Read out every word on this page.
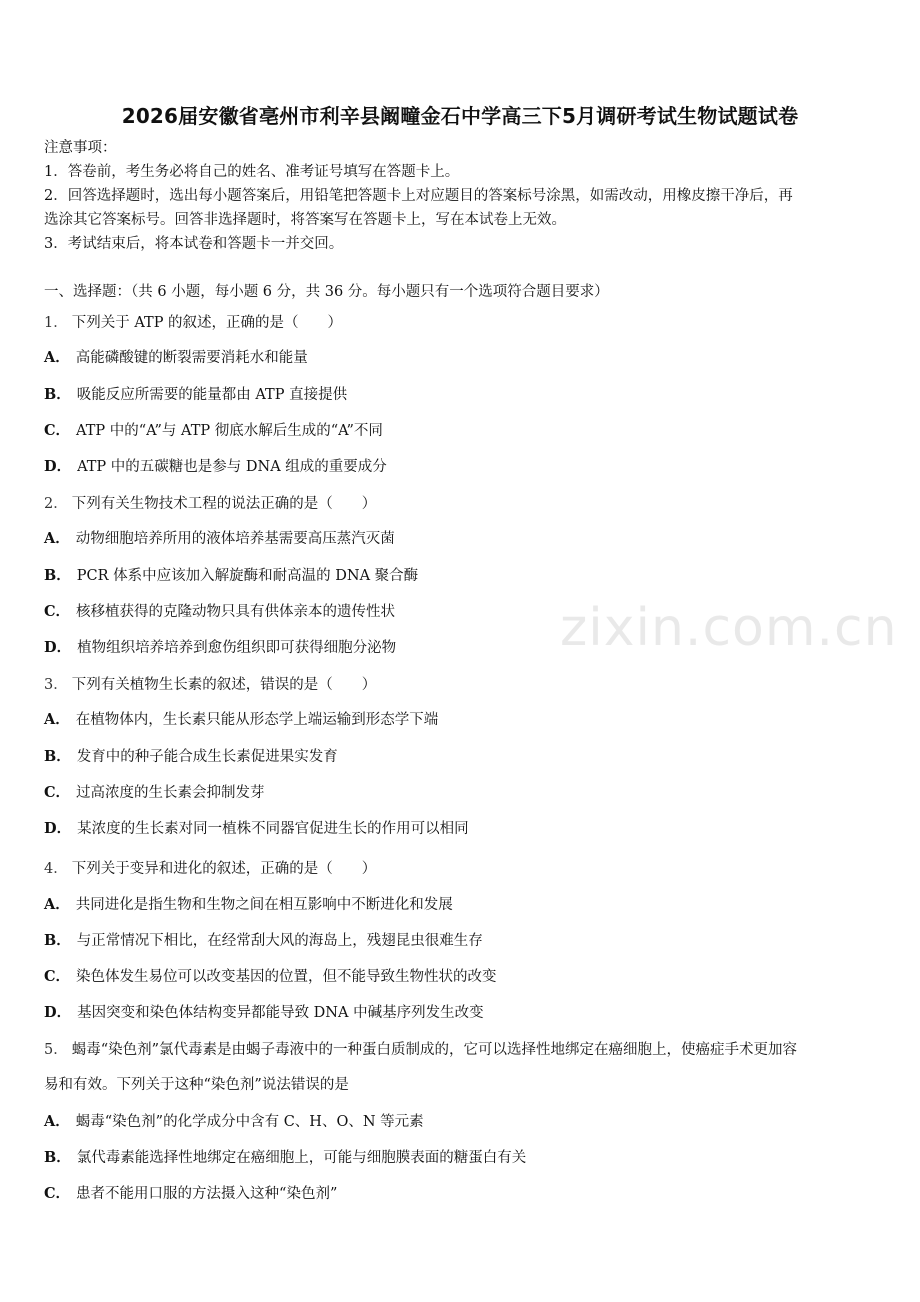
2026届安徽省亳州市利辛县阚疃金石中学高三下5月调研考试生物试题试卷
注意事项：
1．答卷前，考生务必将自己的姓名、准考证号填写在答题卡上。
2．回答选择题时，选出每小题答案后，用铅笔把答题卡上对应题目的答案标号涂黑，如需改动，用橡皮擦干净后，再
选涂其它答案标号。回答非选择题时，将答案写在答题卡上，写在本试卷上无效。
3．考试结束后，将本试卷和答题卡一并交回。
一、选择题：（共 6 小题，每小题 6 分，共 36 分。每小题只有一个选项符合题目要求）
1． 下列关于 ATP 的叙述，正确的是（　　）
A． 高能磷酸键的断裂需要消耗水和能量
B． 吸能反应所需要的能量都由 ATP 直接提供
C． ATP 中的“A”与 ATP 彻底水解后生成的“A”不同
D． ATP 中的五碳糖也是参与 DNA 组成的重要成分
2． 下列有关生物技术工程的说法正确的是（　　）
A． 动物细胞培养所用的液体培养基需要高压蒸汽灭菌
B． PCR 体系中应该加入解旋酶和耐高温的 DNA 聚合酶
C． 核移植获得的克隆动物只具有供体亲本的遗传性状
D． 植物组织培养培养到愈伤组织即可获得细胞分泌物
3． 下列有关植物生长素的叙述，错误的是（　　）
A． 在植物体内，生长素只能从形态学上端运输到形态学下端
B． 发育中的种子能合成生长素促进果实发育
C． 过高浓度的生长素会抑制发芽
D． 某浓度的生长素对同一植株不同器官促进生长的作用可以相同
4． 下列关于变异和进化的叙述，正确的是（　　）
A． 共同进化是指生物和生物之间在相互影响中不断进化和发展
B． 与正常情况下相比，在经常刮大风的海岛上，残翅昆虫很难生存
C． 染色体发生易位可以改变基因的位置，但不能导致生物性状的改变
D． 基因突变和染色体结构变异都能导致 DNA 中碱基序列发生改变
5． 蝎毒“染色剂”氯代毒素是由蝎子毒液中的一种蛋白质制成的，它可以选择性地绑定在癌细胞上，使癌症手术更加容
易和有效。下列关于这种“染色剂”说法错误的是
A． 蝎毒“染色剂”的化学成分中含有 C、H、O、N 等元素
B． 氯代毒素能选择性地绑定在癌细胞上，可能与细胞膜表面的糖蛋白有关
C． 患者不能用口服的方法摄入这种“染色剂”
zixin.com.cn
